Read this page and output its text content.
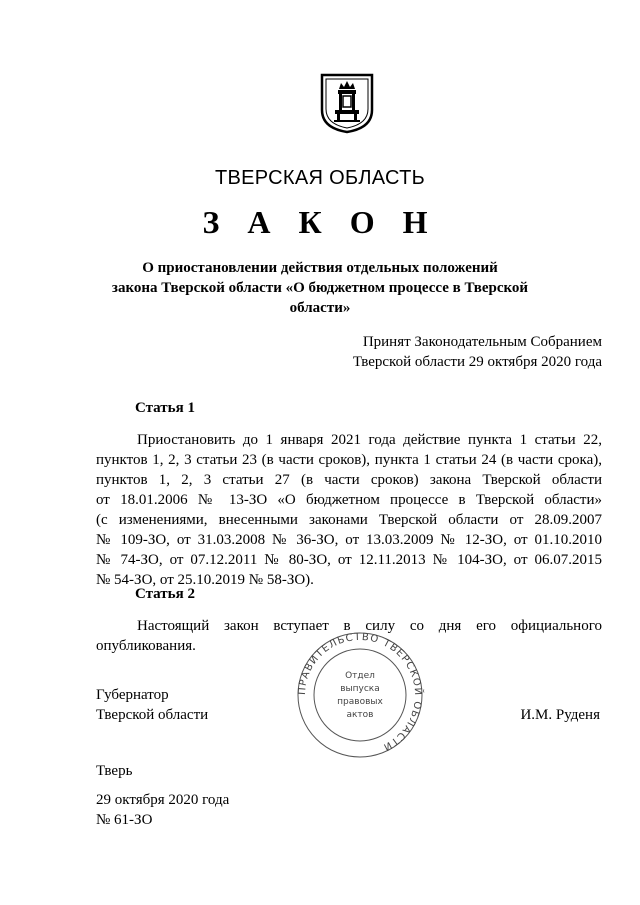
ТВЕРСКАЯ ОБЛАСТЬ
З А К О Н
О приостановлении действия отдельных положений
закона Тверской области «О бюджетном процессе в Тверской области»
Принят Законодательным Собранием
Тверской области 29 октября 2020 года
Статья 1
Приостановить до 1 января 2021 года действие пункта 1 статьи 22,
пунктов 1, 2, 3 статьи 23 (в части сроков), пункта 1 статьи 24 (в части срока),
пунктов 1, 2, 3 статьи 27 (в части сроков) закона Тверской области
от 18.01.2006 № 13-ЗО «О бюджетном процессе в Тверской области»
(с изменениями, внесенными законами Тверской области от 28.09.2007
№ 109-ЗО, от 31.03.2008 № 36-ЗО, от 13.03.2009 № 12-ЗО, от 01.10.2010
№ 74-ЗО, от 07.12.2011 № 80-ЗО, от 12.11.2013 № 104-ЗО, от 06.07.2015
№ 54-ЗО, от 25.10.2019 № 58-ЗО).
Статья 2
Настоящий закон вступает в силу со дня его официального
опубликования.
ПРАВИТЕЛЬСТВО ТВЕРСКОЙ ОБЛАСТИ
Отдел
выпуска
правовых
актов
Губернатор
Тверской области	И.М. Руденя
Тверь
29 октября 2020 года
№ 61-ЗО
